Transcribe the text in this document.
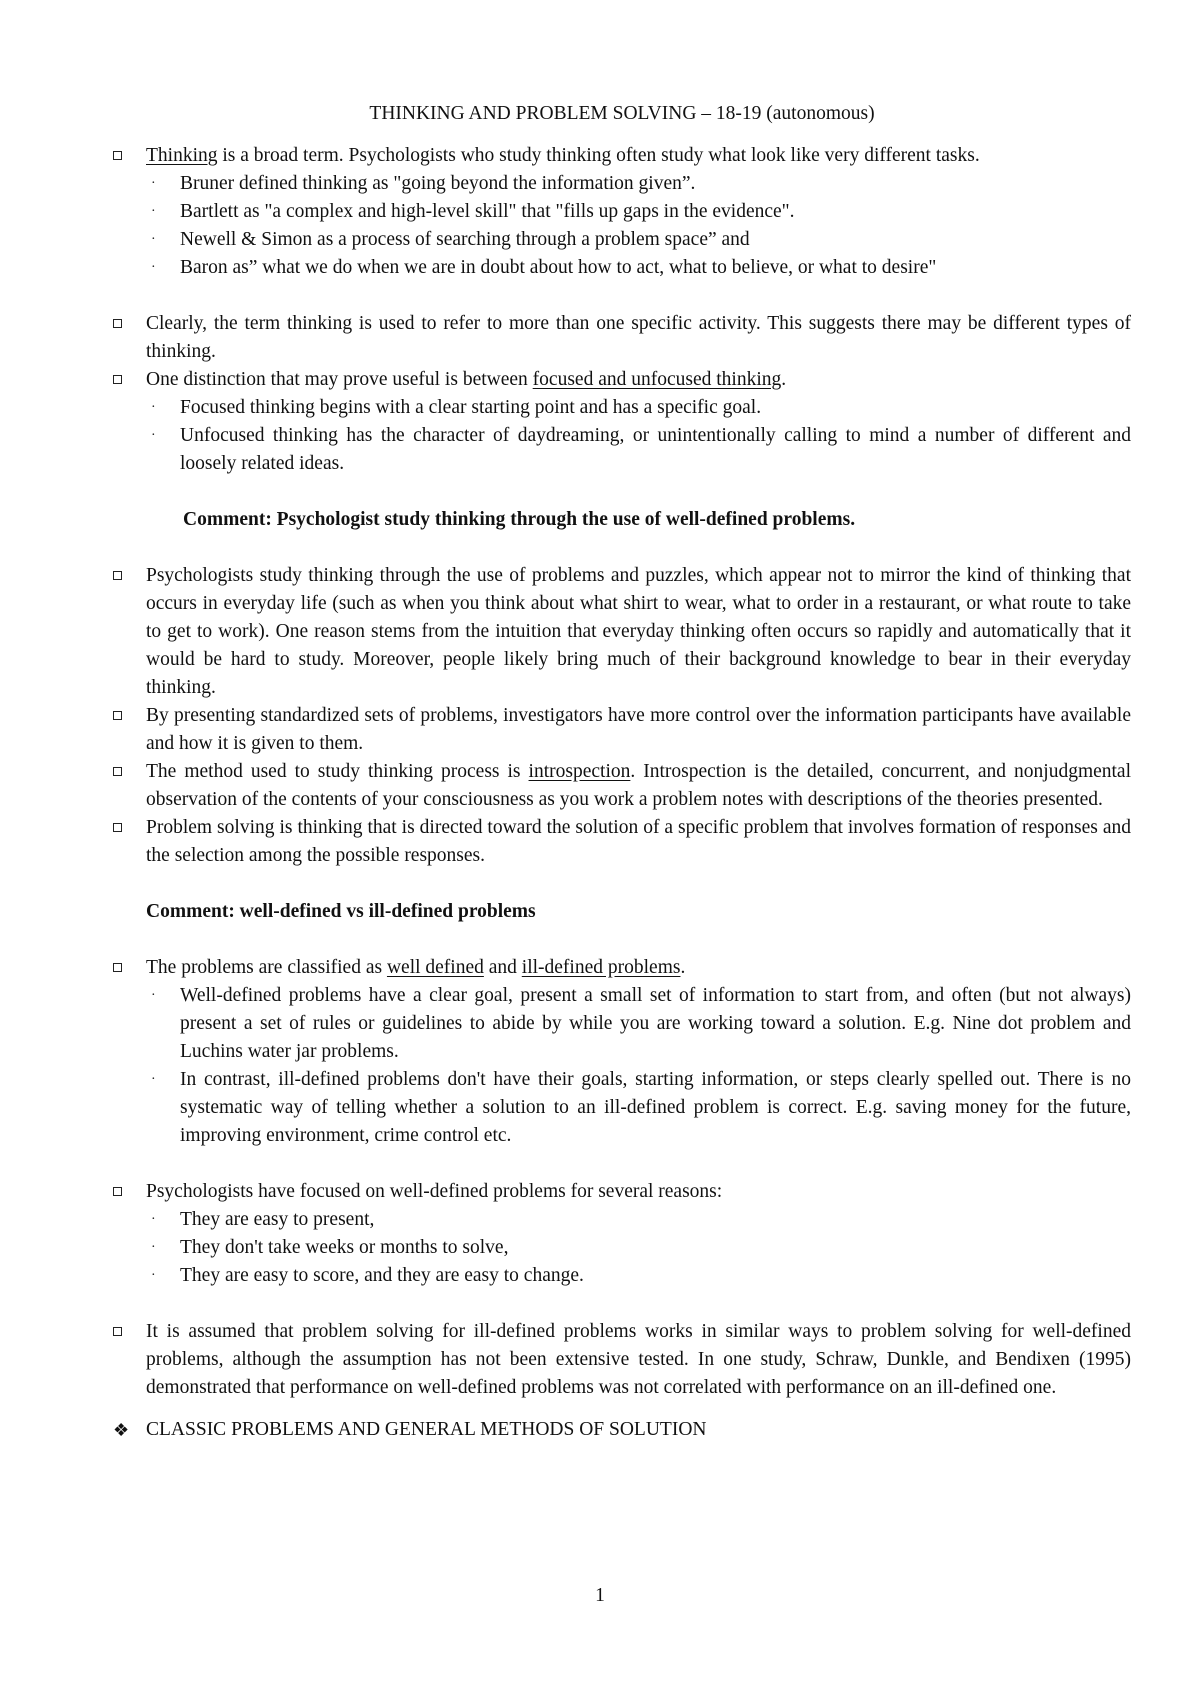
THINKING AND PROBLEM SOLVING – 18-19 (autonomous)

Thinking is a broad term. Psychologists who study thinking often study what look like very different tasks.
· Bruner defined thinking as "going beyond the information given”.
· Bartlett as "a complex and high-level skill" that "fills up gaps in the evidence".
· Newell & Simon as a process of searching through a problem space” and
· Baron as” what we do when we are in doubt about how to act, what to believe, or what to desire"
Clearly, the term thinking is used to refer to more than one specific activity. This suggests there may be different types of thinking.
One distinction that may prove useful is between focused and unfocused thinking.
· Focused thinking begins with a clear starting point and has a specific goal.
· Unfocused thinking has the character of daydreaming, or unintentionally calling to mind a number of different and loosely related ideas.

Comment: Psychologist study thinking through the use of well-defined problems.

Psychologists study thinking through the use of problems and puzzles, which appear not to mirror the kind of thinking that occurs in everyday life (such as when you think about what shirt to wear, what to order in a restaurant, or what route to take to get to work). One reason stems from the intuition that everyday thinking often occurs so rapidly and automatically that it would be hard to study. Moreover, people likely bring much of their background knowledge to bear in their everyday thinking.
By presenting standardized sets of problems, investigators have more control over the information participants have available and how it is given to them.
The method used to study thinking process is introspection. Introspection is the detailed, concurrent, and nonjudgmental observation of the contents of your consciousness as you work a problem notes with descriptions of the theories presented.
Problem solving is thinking that is directed toward the solution of a specific problem that involves formation of responses and the selection among the possible responses.

Comment: well-defined vs ill-defined problems

The problems are classified as well defined and ill-defined problems.
· Well-defined problems have a clear goal, present a small set of information to start from, and often (but not always) present a set of rules or guidelines to abide by while you are working toward a solution. E.g. Nine dot problem and Luchins water jar problems.
· In contrast, ill-defined problems don't have their goals, starting information, or steps clearly spelled out. There is no systematic way of telling whether a solution to an ill-defined problem is correct. E.g. saving money for the future, improving environment, crime control etc.
Psychologists have focused on well-defined problems for several reasons:
· They are easy to present,
· They don't take weeks or months to solve,
· They are easy to score, and they are easy to change.
It is assumed that problem solving for ill-defined problems works in similar ways to problem solving for well-defined problems, although the assumption has not been extensive tested. In one study, Schraw, Dunkle, and Bendixen (1995) demonstrated that performance on well-defined problems was not correlated with performance on an ill-defined one.
❖ CLASSIC PROBLEMS AND GENERAL METHODS OF SOLUTION
1
